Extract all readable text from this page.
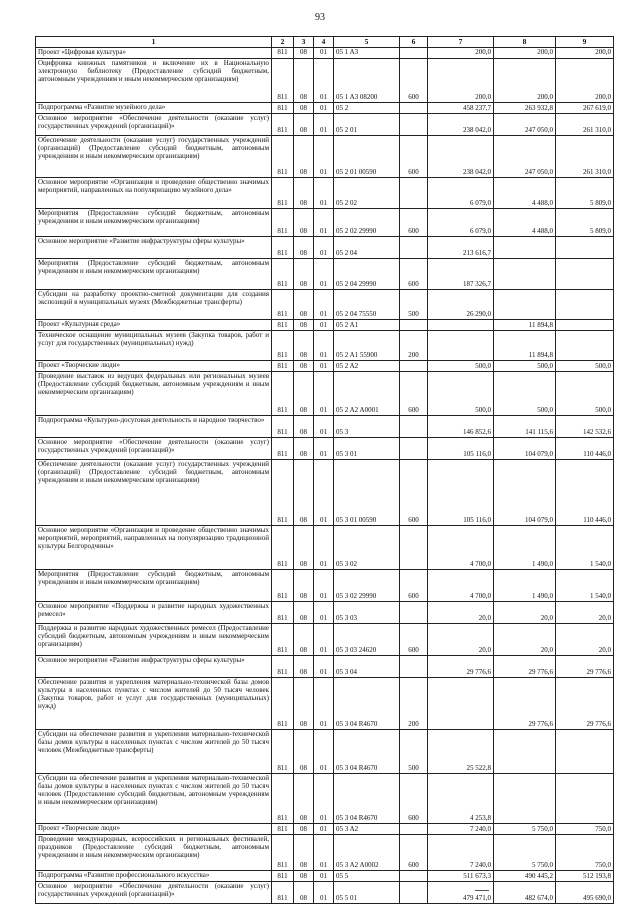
93
1	2	3	4	5	6	7	8	9
Проект «Цифровая культура»	811	08	01	05 1 A3		200,0	200,0	200,0
Оцифровка книжных памятников и включение их в Национальную электронную библиотеку (Предоставление субсидий бюджетным, автономным учреждениям и иным некоммерческим организациям)	811	08	01	05 1 A3 08200	600	200,0	200,0	200,0
Подпрограмма «Развитие музейного дела»	811	08	01	05 2		458 237,7	263 932,8	267 619,0
Основное мероприятие «Обеспечение деятельности (оказание услуг) государственных учреждений (организаций)»	811	08	01	05 2 01		238 042,0	247 050,0	261 310,0
Обеспечение деятельности (оказание услуг) государственных учреждений (организаций) (Предоставление субсидий бюджетным, автономным учреждениям и иным некоммерческим организациям)	811	08	01	05 2 01 00590	600	238 042,0	247 050,0	261 310,0
Основное мероприятие «Организация и проведение общественно значимых мероприятий, направленных на популяризацию музейного дела»	811	08	01	05 2 02		6 079,0	4 488,0	5 809,0
Мероприятия (Предоставление субсидий бюджетным, автономным учреждениям и иным некоммерческим организациям)	811	08	01	05 2 02 29990	600	6 079,0	4 488,0	5 809,0
Основное мероприятие «Развитие инфраструктуры сферы культуры»	811	08	01	05 2 04		213 616,7		
Мероприятия (Предоставление субсидий бюджетным, автономным учреждениям и иным некоммерческим организациям)	811	08	01	05 2 04 29990	600	187 326,7		
Субсидии на разработку проектно-сметной документации для создания экспозиций в муниципальных музеях (Межбюджетные трансферты)	811	08	01	05 2 04 75550	500	26 290,0		
Проект «Культурная среда»	811	08	01	05 2 A1			11 894,8	
Техническое оснащение муниципальных музеев (Закупка товаров, работ и услуг для государственных (муниципальных) нужд)	811	08	01	05 2 A1 55900	200		11 894,8	
Проект «Творческие люди»	811	08	01	05 2 A2		500,0	500,0	500,0
Проведение выставок из ведущих федеральных или региональных музеев (Предоставление субсидий бюджетным, автономным учреждениям и иным некоммерческим организациям)	811	08	01	05 2 A2 A0001	600	500,0	500,0	500,0
Подпрограмма «Культурно-досуговая деятельность и народное творчество»	811	08	01	05 3		146 852,6	141 115,6	142 532,6
Основное мероприятие «Обеспечение деятельности (оказание услуг) государственных учреждений (организаций)»	811	08	01	05 3 01		105 116,0	104 079,0	110 446,0
Обеспечение деятельности (оказание услуг) государственных учреждений (организаций) (Предоставление субсидий бюджетным, автономным учреждениям и иным некоммерческим организациям)	811	08	01	05 3 01 00590	600	105 116,0	104 079,0	110 446,0
Основное мероприятие «Организация и проведение общественно значимых мероприятий, мероприятий, направленных на популяризацию традиционной культуры Белгородчины»	811	08	01	05 3 02		4 700,0	1 490,0	1 540,0
Мероприятия (Предоставление субсидий бюджетным, автономным учреждениям и иным некоммерческим организациям)	811	08	01	05 3 02 29990	600	4 700,0	1 490,0	1 540,0
Основное мероприятие «Поддержка и развитие народных художественных ремесел»	811	08	01	05 3 03		20,0	20,0	20,0
Поддержка и развитие народных художественных ремесел (Предоставление субсидий бюджетным, автономным учреждениям и иным некоммерческим организациям)	811	08	01	05 3 03 24620	600	20,0	20,0	20,0
Основное мероприятие «Развитие инфраструктуры сферы культуры»	811	08	01	05 3 04		29 776,6	29 776,6	29 776,6
Обеспечение развития и укрепления материально-технической базы домов культуры в населенных пунктах с числом жителей до 50 тысяч человек (Закупка товаров, работ и услуг для государственных (муниципальных) нужд)	811	08	01	05 3 04 R4670	200		29 776,6	29 776,6
Субсидии на обеспечение развития и укрепления материально-технической базы домов культуры в населенных пунктах с числом жителей до 50 тысяч человек (Межбюджетные трансферты)	811	08	01	05 3 04 R4670	500	25 522,8		
Субсидии на обеспечение развития и укрепления материально-технической базы домов культуры в населенных пунктах с числом жителей до 50 тысяч человек (Предоставление субсидий бюджетным, автономным учреждениям и иным некоммерческим организациям)	811	08	01	05 3 04 R4670	600	4 253,8		
Проект «Творческие люди»	811	08	01	05 3 A2		7 240,0	5 750,0	750,0
Проведение международных, всероссийских и региональных фестивалей, праздников (Предоставление субсидий бюджетным, автономным учреждениям и иным некоммерческим организациям)	811	08	01	05 3 A2 A0002	600	7 240,0	5 750,0	750,0
Подпрограмма «Развитие профессионального искусства»	811	08	01	05 5		511 673,3	490 445,2	512 193,8
Основное мероприятие «Обеспечение деятельности (оказание услуг) государственных учреждений (организаций)»	811	08	01	05 5 01		479 471,0	482 674,0	495 690,0
